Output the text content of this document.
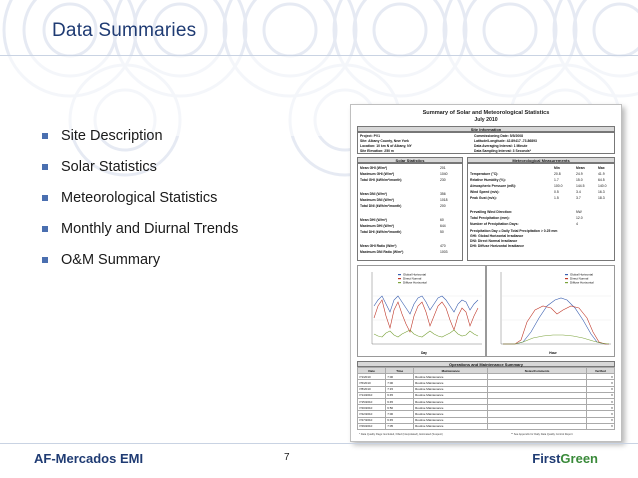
Data Summaries
Site Description
Solar Statistics
Meteorological Statistics
Monthly and Diurnal Trends
O&M Summary
Summary of Solar and Meteorological Statistics
July 2010
Site Information
Project: PV1
Site: Albany County, New York
Location: 10 km N of Albany, NY
Site Elevation: 250 m
Commissioning Date: 5/5/2008
Latitude/Longitude: 42.89417 -73.86893
Data Averaging Interval: 1 Minute
Data Sampling Interval: 3 Seconds*
Solar Statistics
Mean GHI (W/m²)	201
Maximum GHI (W/m²)	1040
Total GHI (kWh/m²/month)	230
Mean DNI (W/m²)	356
Maximum DNI (W/m²)	1018
Total DNI (kWh/m²/month)	200
Mean DHI (W/m²)	60
Maximum DHI (W/m²)	644
Total DHI (kWh/m²/month)	50
Mean GHI Ratio (W/m²)	470
Maximum DNI Ratio (W/m²)	1003
Meteorological Measurements
Min	Mean	Max
Temperature (°C):	20.8	24.9	41.9
Relative Humidity (%):	1.7	15.0	64.5
Atmospheric Pressure (mB):	100.0	144.5	140.0
Wind Speed (m/s):	0.5	3.4	16.3
Peak Gust (m/s):	1.5	3.7	18.3
Prevailing Wind Direction:	NW
Total Precipitation (mm):	12.0
Number of Precipitation Days:	4
Precipitation Day = Daily Total Precipitation > 0.25 mm
GHI: Global Horizontal Irradiance
DNI: Direct Normal Irradiance
DHI: Diffuse Horizontal Irradiance
Global Horizontal
Direct Normal
Diffuse Horizontal
Day
Global Horizontal
Direct Normal
Diffuse Horizontal
Hour
Operations and Maintenance Summary
Date	Time	Maintenance	Notes/Comments	Verified
7/1/2010	7:00	Routine Maintenance		X
7/6/2010	7:00	Routine Maintenance		X
7/8/2010	7:15	Routine Maintenance		X
7/14/2010	6:45	Routine Maintenance		X
7/15/2010	6:45	Routine Maintenance		X
7/20/2010	6:50	Routine Maintenance		X
7/22/2010	7:00	Routine Maintenance		X
7/27/2010	6:45	Routine Maintenance		X
7/29/2010	7:05	Routine Maintenance		X
* Data Quality Flags: Excluded, Filled (Interpolated), Estimated (Suspect)	** See Appendix for Daily Data Quality Control Report
AF-Mercados EMI	7	FirstGreen
